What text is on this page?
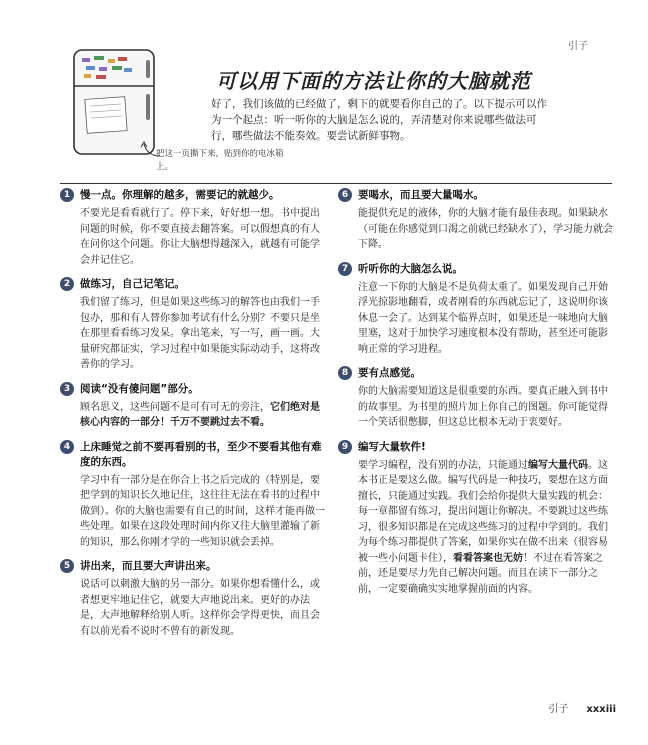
引子
可以用下面的方法让你的大脑就范
好了，我们该做的已经做了，剩下的就要看你自己的了。以下提示可以作为一个起点：听一听你的大脑是怎么说的，弄清楚对你来说哪些做法可行，哪些做法不能奏效。要尝试新鲜事物。
把这一页撕下来，贴到你的电冰箱上。
1 慢一点。你理解的越多，需要记的就越少。
不要光是看看就行了。停下来，好好想一想。书中提出问题的时候，你不要直接去翻答案。可以假想真的有人在问你这个问题。你让大脑想得越深入，就越有可能学会并记住它。
2 做练习，自己记笔记。
我们留了练习，但是如果这些练习的解答也由我们一手包办，那和有人替你参加考试有什么分别？不要只是坐在那里看看练习发呆。拿出笔来，写一写，画一画。大量研究都证实，学习过程中如果能实际动动手，这将改善你的学习。
3 阅读“没有傻问题”部分。
顾名思义，这些问题不是可有可无的旁注，它们绝对是核心内容的一部分！千万不要跳过去不看。
4 上床睡觉之前不要再看别的书，至少不要看其他有难度的东西。
学习中有一部分是在你合上书之后完成的（特别是，要把学到的知识长久地记住，这往往无法在看书的过程中做到）。你的大脑也需要有自己的时间，这样才能再做一些处理。如果在这段处理时间内你又往大脑里灌输了新的知识，那么你刚才学的一些知识就会丢掉。
5 讲出来，而且要大声讲出来。
说话可以刺激大脑的另一部分。如果你想看懂什么，或者想更牢地记住它，就要大声地说出来。更好的办法是，大声地解释给别人听。这样你会学得更快，而且会有以前光看不说时不曾有的新发现。
6 要喝水，而且要大量喝水。
能提供充足的液体，你的大脑才能有最佳表现。如果缺水（可能在你感觉到口渴之前就已经缺水了），学习能力就会下降。
7 听听你的大脑怎么说。
注意一下你的大脑是不是负荷太重了。如果发现自己开始浮光掠影地翻看，或者刚看的东西就忘记了，这说明你该休息一会了。达到某个临界点时，如果还是一味地向大脑里塞，这对于加快学习速度根本没有帮助，甚至还可能影响正常的学习进程。
8 要有点感觉。
你的大脑需要知道这是很重要的东西。要真正融入到书中的故事里。为书里的照片加上你自己的图题。你可能觉得一个笑话很憋脚，但这总比根本无动于衷要好。
9 编写大量软件!
要学习编程，没有别的办法，只能通过编写大量代码。这本书正是要这么做。编写代码是一种技巧，要想在这方面擅长，只能通过实践。我们会给你提供大量实践的机会：每一章都留有练习，提出问题让你解决。不要跳过这些练习，很多知识都是在完成这些练习的过程中学到的。我们为每个练习都提供了答案，如果你实在做不出来（很容易被一些小问题卡住），看看答案也无妨！不过在看答案之前，还是要尽力先自己解决问题。而且在读下一部分之前，一定要确确实实地掌握前面的内容。
引子 xxxiii
